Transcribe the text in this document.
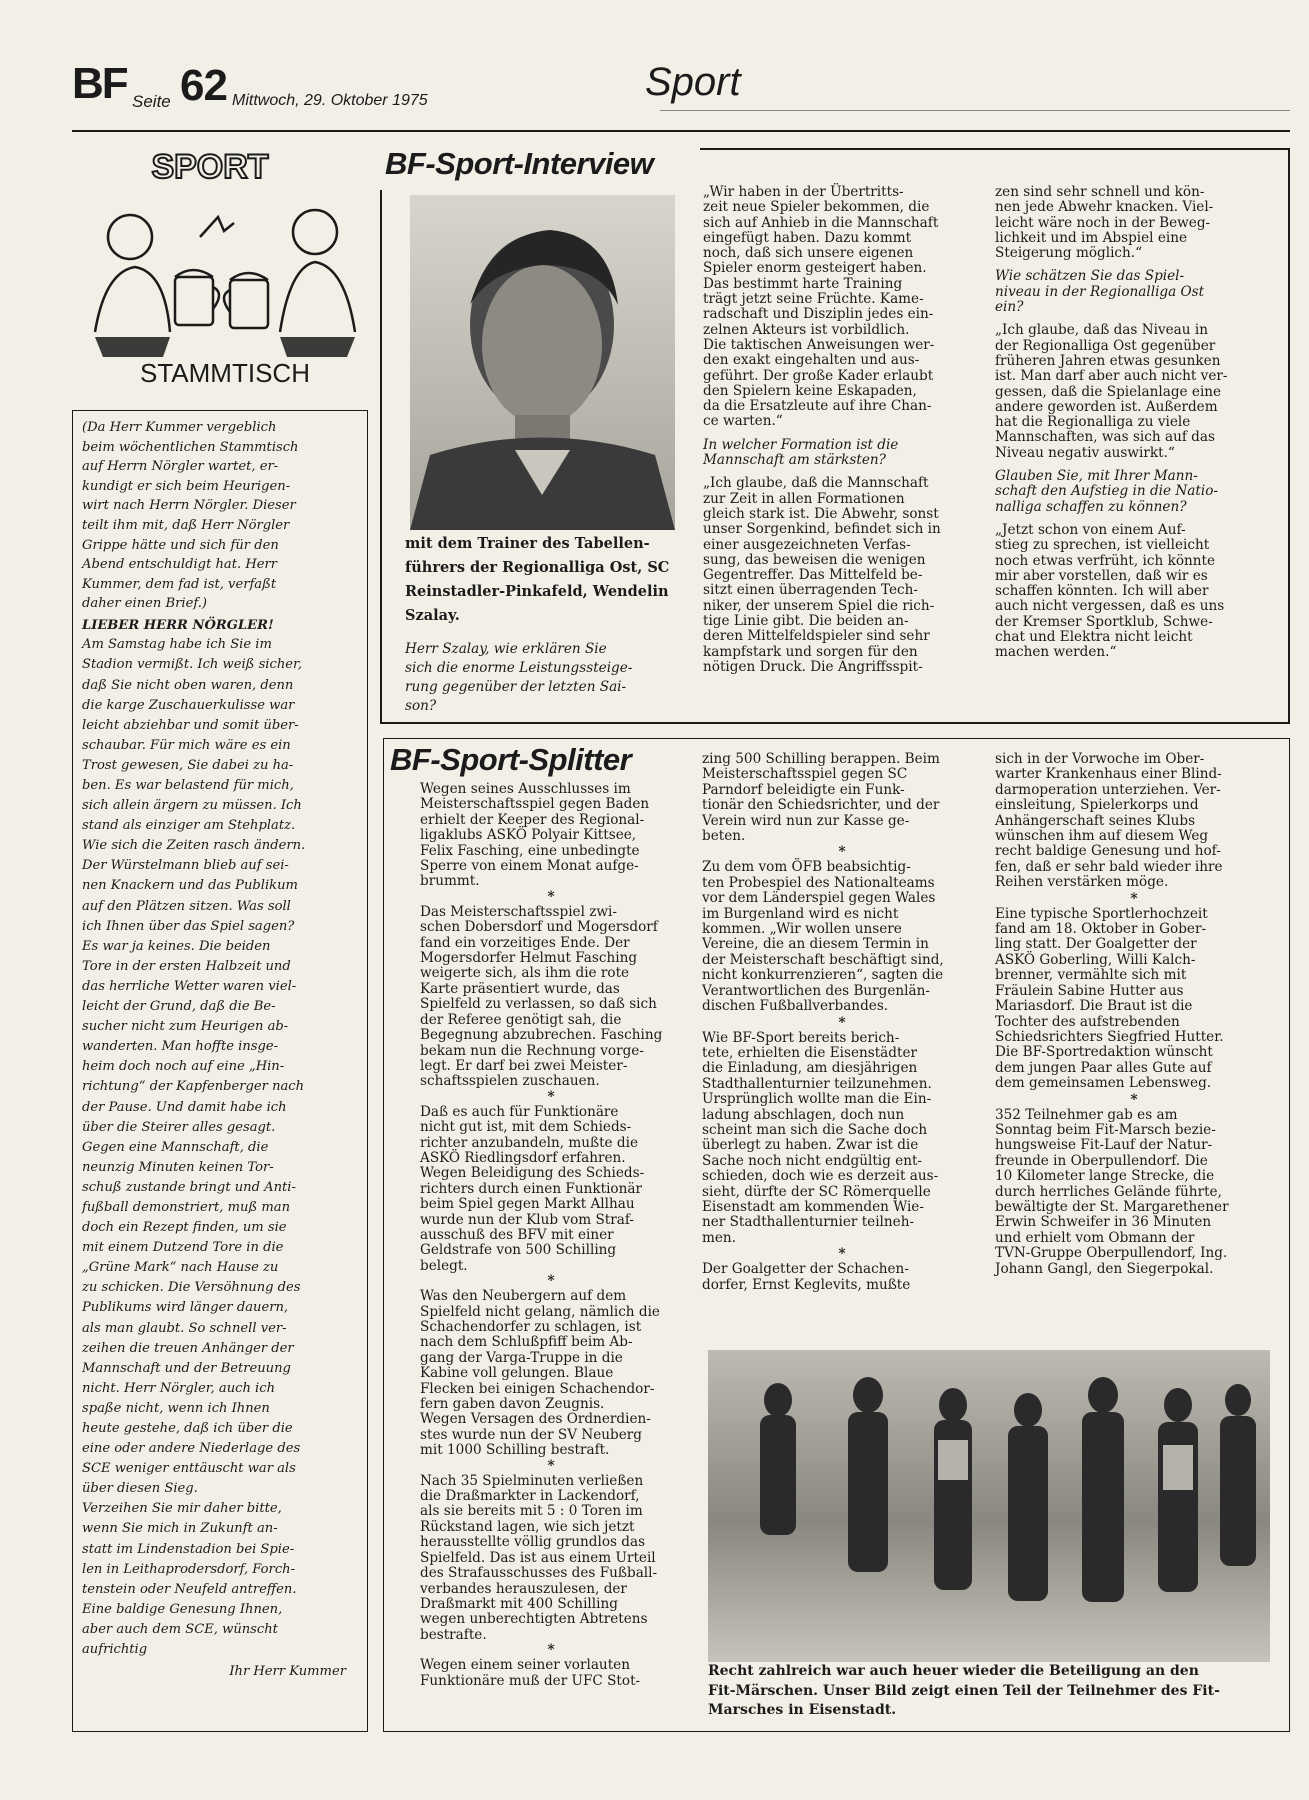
BF Seite 62 Mittwoch, 29. Oktober 1975	Sport
SPORT
STAMMTISCH
(Da Herr Kummer vergeblich
beim wöchentlichen Stammtisch
auf Herrn Nörgler wartet, er-
kundigt er sich beim Heurigen-
wirt nach Herrn Nörgler. Dieser
teilt ihm mit, daß Herr Nörgler
Grippe hätte und sich für den
Abend entschuldigt hat. Herr
Kummer, dem fad ist, verfaßt
daher einen Brief.)
LIEBER HERR NÖRGLER!
Am Samstag habe ich Sie im
Stadion vermißt. Ich weiß sicher,
daß Sie nicht oben waren, denn
die karge Zuschauerkulisse war
leicht abziehbar und somit über-
schaubar. Für mich wäre es ein
Trost gewesen, Sie dabei zu ha-
ben. Es war belastend für mich,
sich allein ärgern zu müssen. Ich
stand als einziger am Stehplatz.
Wie sich die Zeiten rasch ändern.
Der Würstelmann blieb auf sei-
nen Knackern und das Publikum
auf den Plätzen sitzen. Was soll
ich Ihnen über das Spiel sagen?
Es war ja keines. Die beiden
Tore in der ersten Halbzeit und
das herrliche Wetter waren viel-
leicht der Grund, daß die Be-
sucher nicht zum Heurigen ab-
wanderten. Man hoffte insge-
heim doch noch auf eine „Hin-
richtung“ der Kapfenberger nach
der Pause. Und damit habe ich
über die Steirer alles gesagt.
Gegen eine Mannschaft, die
neunzig Minuten keinen Tor-
schuß zustande bringt und Anti-
fußball demonstriert, muß man
doch ein Rezept finden, um sie
mit einem Dutzend Tore in die
„Grüne Mark“ nach Hause zu
zu schicken. Die Versöhnung des
Publikums wird länger dauern,
als man glaubt. So schnell ver-
zeihen die treuen Anhänger der
Mannschaft und der Betreuung
nicht. Herr Nörgler, auch ich
spaße nicht, wenn ich Ihnen
heute gestehe, daß ich über die
eine oder andere Niederlage des
SCE weniger enttäuscht war als
über diesen Sieg.
Verzeihen Sie mir daher bitte,
wenn Sie mich in Zukunft an-
statt im Lindenstadion bei Spie-
len in Leithaprodersdorf, Forch-
tenstein oder Neufeld antreffen.
Eine baldige Genesung Ihnen,
aber auch dem SCE, wünscht
aufrichtig
Ihr Herr Kummer
BF-Sport-Interview
mit dem Trainer des Tabellen-
führers der Regionalliga Ost, SC
Reinstadler-Pinkafeld, Wendelin
Szalay.
Herr Szalay, wie erklären Sie
sich die enorme Leistungssteige-
rung gegenüber der letzten Sai-
son?
„Wir haben in der Übertritts-
zeit neue Spieler bekommen, die
sich auf Anhieb in die Mannschaft
eingefügt haben. Dazu kommt
noch, daß sich unsere eigenen
Spieler enorm gesteigert haben.
Das bestimmt harte Training
trägt jetzt seine Früchte. Kame-
radschaft und Disziplin jedes ein-
zelnen Akteurs ist vorbildlich.
Die taktischen Anweisungen wer-
den exakt eingehalten und aus-
geführt. Der große Kader erlaubt
den Spielern keine Eskapaden,
da die Ersatzleute auf ihre Chan-
ce warten.“
In welcher Formation ist die
Mannschaft am stärksten?
„Ich glaube, daß die Mannschaft
zur Zeit in allen Formationen
gleich stark ist. Die Abwehr, sonst
unser Sorgenkind, befindet sich in
einer ausgezeichneten Verfas-
sung, das beweisen die wenigen
Gegentreffer. Das Mittelfeld be-
sitzt einen überragenden Tech-
niker, der unserem Spiel die rich-
tige Linie gibt. Die beiden an-
deren Mittelfeldspieler sind sehr
kampfstark und sorgen für den
nötigen Druck. Die Angriffsspit-
zen sind sehr schnell und kön-
nen jede Abwehr knacken. Viel-
leicht wäre noch in der Beweg-
lichkeit und im Abspiel eine
Steigerung möglich.“
Wie schätzen Sie das Spiel-
niveau in der Regionalliga Ost
ein?
„Ich glaube, daß das Niveau in
der Regionalliga Ost gegenüber
früheren Jahren etwas gesunken
ist. Man darf aber auch nicht ver-
gessen, daß die Spielanlage eine
andere geworden ist. Außerdem
hat die Regionalliga zu viele
Mannschaften, was sich auf das
Niveau negativ auswirkt.“
Glauben Sie, mit Ihrer Mann-
schaft den Aufstieg in die Natio-
nalliga schaffen zu können?
„Jetzt schon von einem Auf-
stieg zu sprechen, ist vielleicht
noch etwas verfrüht, ich könnte
mir aber vorstellen, daß wir es
schaffen könnten. Ich will aber
auch nicht vergessen, daß es uns
der Kremser Sportklub, Schwe-
chat und Elektra nicht leicht
machen werden.“
BF-Sport-Splitter
Wegen seines Ausschlusses im
Meisterschaftsspiel gegen Baden
erhielt der Keeper des Regional-
ligaklubs ASKÖ Polyair Kittsee,
Felix Fasching, eine unbedingte
Sperre von einem Monat aufge-
brummt.
*
Das Meisterschaftsspiel zwi-
schen Dobersdorf und Mogersdorf
fand ein vorzeitiges Ende. Der
Mogersdorfer Helmut Fasching
weigerte sich, als ihm die rote
Karte präsentiert wurde, das
Spielfeld zu verlassen, so daß sich
der Referee genötigt sah, die
Begegnung abzubrechen. Fasching
bekam nun die Rechnung vorge-
legt. Er darf bei zwei Meister-
schaftsspielen zuschauen.
*
Daß es auch für Funktionäre
nicht gut ist, mit dem Schieds-
richter anzubandeln, mußte die
ASKÖ Riedlingsdorf erfahren.
Wegen Beleidigung des Schieds-
richters durch einen Funktionär
beim Spiel gegen Markt Allhau
wurde nun der Klub vom Straf-
ausschuß des BFV mit einer
Geldstrafe von 500 Schilling
belegt.
*
Was den Neubergern auf dem
Spielfeld nicht gelang, nämlich die
Schachendorfer zu schlagen, ist
nach dem Schlußpfiff beim Ab-
gang der Varga-Truppe in die
Kabine voll gelungen. Blaue
Flecken bei einigen Schachendor-
fern gaben davon Zeugnis.
Wegen Versagen des Ordnerdien-
stes wurde nun der SV Neuberg
mit 1000 Schilling bestraft.
*
Nach 35 Spielminuten verließen
die Draßmarkter in Lackendorf,
als sie bereits mit 5 : 0 Toren im
Rückstand lagen, wie sich jetzt
herausstellte völlig grundlos das
Spielfeld. Das ist aus einem Urteil
des Strafausschusses des Fußball-
verbandes herauszulesen, der
Draßmarkt mit 400 Schilling
wegen unberechtigten Abtretens
bestrafte.
*
Wegen einem seiner vorlauten
Funktionäre muß der UFC Stot-
zing 500 Schilling berappen. Beim
Meisterschaftsspiel gegen SC
Parndorf beleidigte ein Funk-
tionär den Schiedsrichter, und der
Verein wird nun zur Kasse ge-
beten.
*
Zu dem vom ÖFB beabsichtig-
ten Probespiel des Nationalteams
vor dem Länderspiel gegen Wales
im Burgenland wird es nicht
kommen. „Wir wollen unsere
Vereine, die an diesem Termin in
der Meisterschaft beschäftigt sind,
nicht konkurrenzieren“, sagten die
Verantwortlichen des Burgenlän-
dischen Fußballverbandes.
*
Wie BF-Sport bereits berich-
tete, erhielten die Eisenstädter
die Einladung, am diesjährigen
Stadthallenturnier teilzunehmen.
Ursprünglich wollte man die Ein-
ladung abschlagen, doch nun
scheint man sich die Sache doch
überlegt zu haben. Zwar ist die
Sache noch nicht endgültig ent-
schieden, doch wie es derzeit aus-
sieht, dürfte der SC Römerquelle
Eisenstadt am kommenden Wie-
ner Stadthallenturnier teilneh-
men.
*
Der Goalgetter der Schachen-
dorfer, Ernst Keglevits, mußte
sich in der Vorwoche im Ober-
warter Krankenhaus einer Blind-
darmoperation unterziehen. Ver-
einsleitung, Spielerkorps und
Anhängerschaft seines Klubs
wünschen ihm auf diesem Weg
recht baldige Genesung und hof-
fen, daß er sehr bald wieder ihre
Reihen verstärken möge.
*
Eine typische Sportlerhochzeit
fand am 18. Oktober in Gober-
ling statt. Der Goalgetter der
ASKÖ Goberling, Willi Kalch-
brenner, vermählte sich mit
Fräulein Sabine Hutter aus
Mariasdorf. Die Braut ist die
Tochter des aufstrebenden
Schiedsrichters Siegfried Hutter.
Die BF-Sportredaktion wünscht
dem jungen Paar alles Gute auf
dem gemeinsamen Lebensweg.
*
352 Teilnehmer gab es am
Sonntag beim Fit-Marsch bezie-
hungsweise Fit-Lauf der Natur-
freunde in Oberpullendorf. Die
10 Kilometer lange Strecke, die
durch herrliches Gelände führte,
bewältigte der St. Margarethener
Erwin Schweifer in 36 Minuten
und erhielt vom Obmann der
TVN-Gruppe Oberpullendorf, Ing.
Johann Gangl, den Siegerpokal.
Recht zahlreich war auch heuer wieder die Beteiligung an den
Fit-Märschen. Unser Bild zeigt einen Teil der Teilnehmer des Fit-
Marsches in Eisenstadt.
